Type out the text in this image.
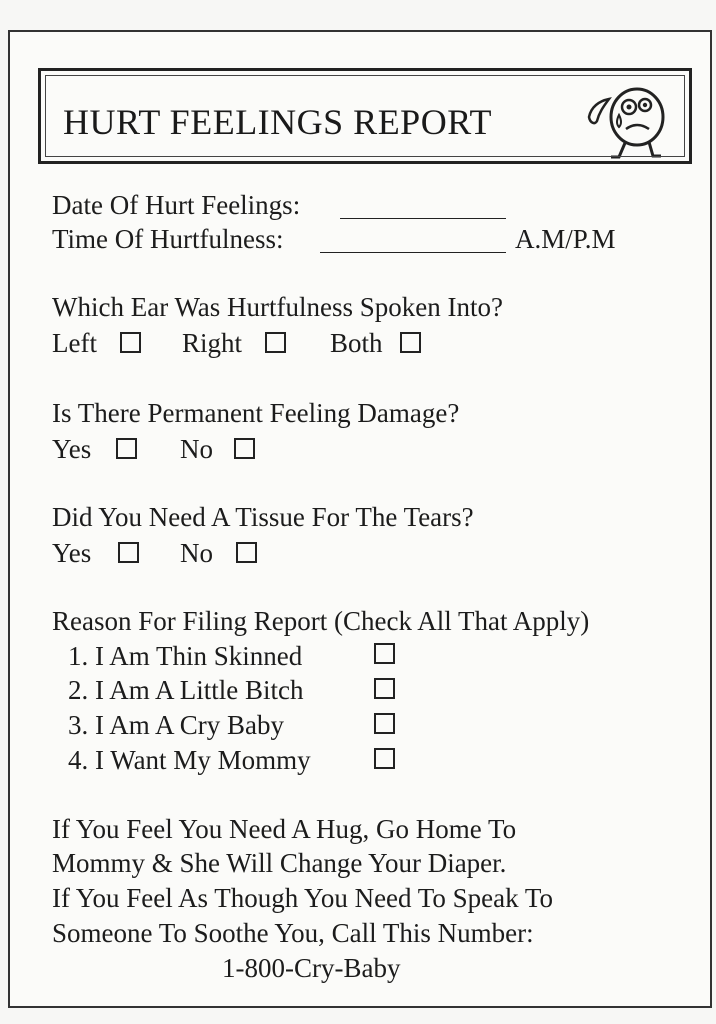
HURT FEELINGS REPORT
Date Of Hurt Feelings:
Time Of Hurtfulness:	A.M/P.M
Which Ear Was Hurtfulness Spoken Into?
Left	Right	Both
Is There Permanent Feeling Damage?
Yes	No
Did You Need A Tissue For The Tears?
Yes	No
Reason For Filing Report (Check All That Apply)
1. I Am Thin Skinned
2. I Am A Little Bitch
3. I Am A Cry Baby
4. I Want My Mommy
If You Feel You Need A Hug, Go Home To
Mommy & She Will Change Your Diaper.
If You Feel As Though You Need To Speak To
Someone To Soothe You, Call This Number:
1-800-Cry-Baby
